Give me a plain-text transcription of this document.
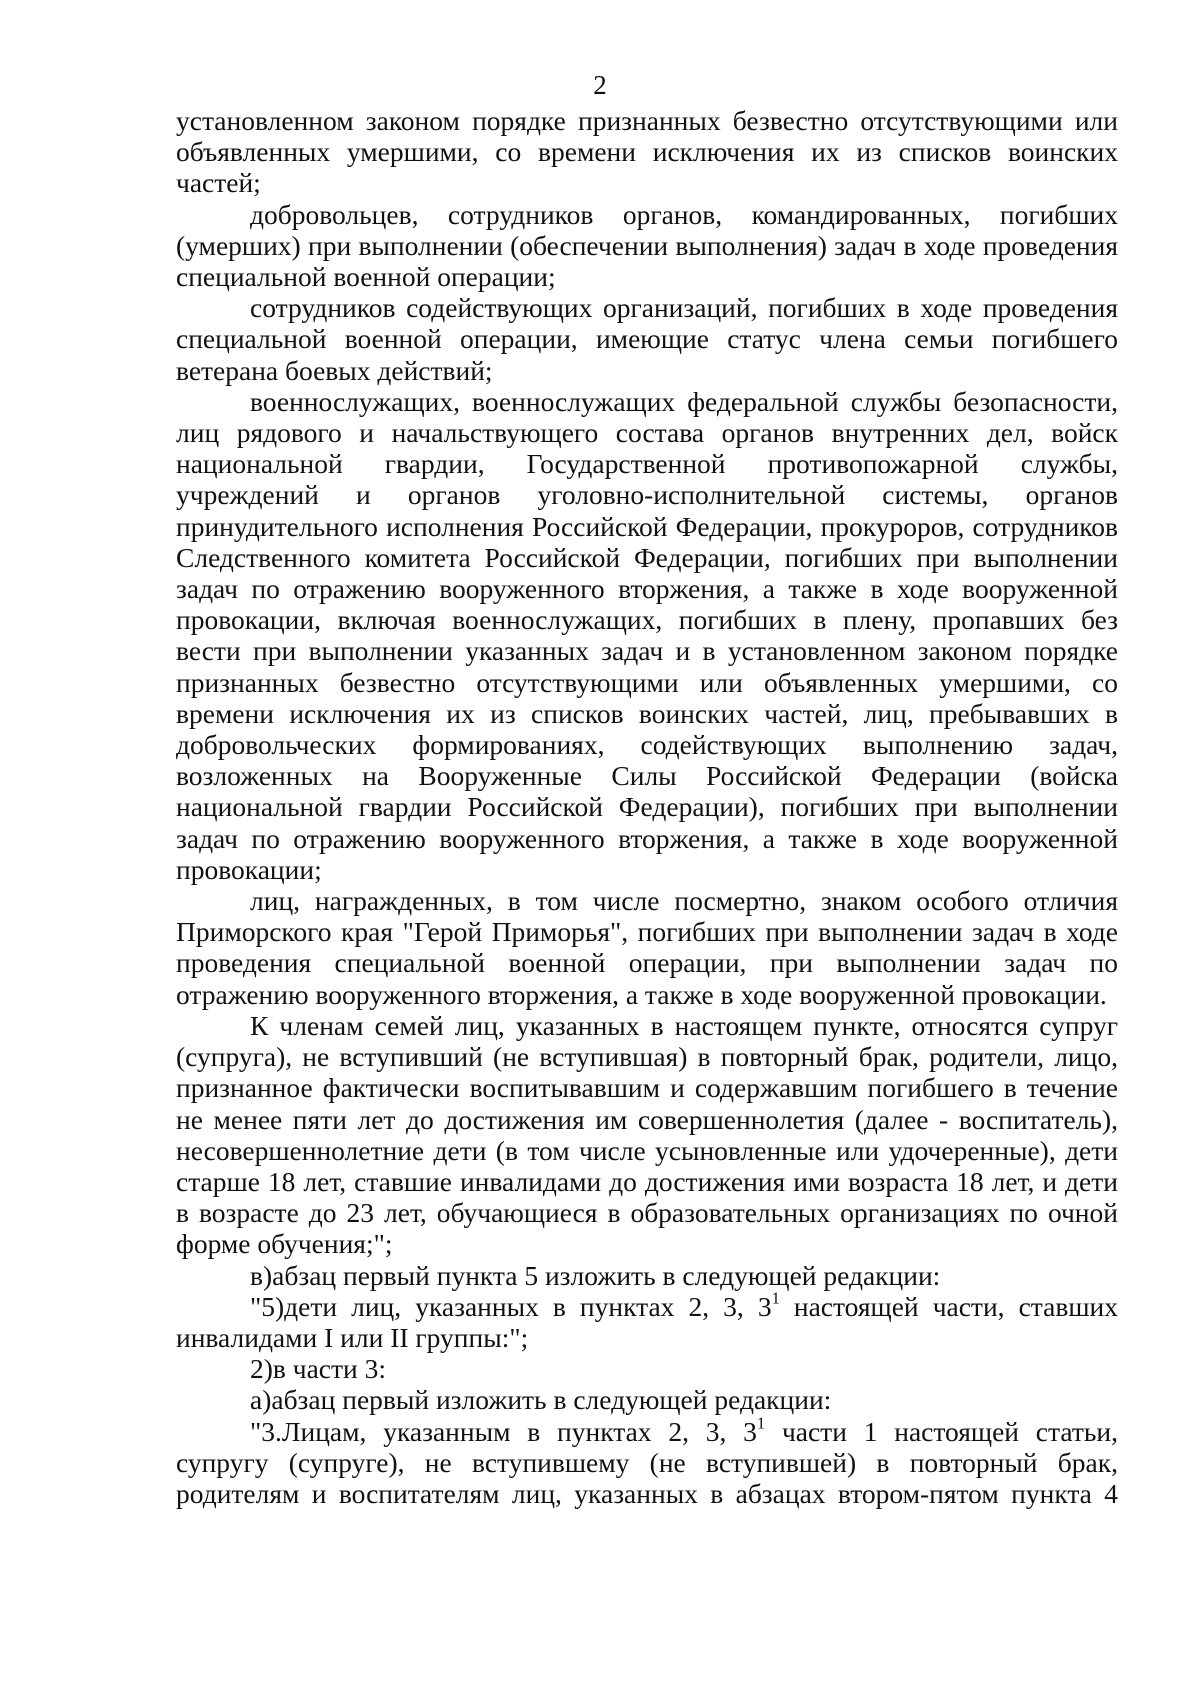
2

установленном законом порядке признанных безвестно отсутствующими или объявленных умершими, со времени исключения их из списков воинских частей;

добровольцев, сотрудников органов, командированных, погибших (умерших) при выполнении (обеспечении выполнения) задач в ходе проведения специальной военной операции;

сотрудников содействующих организаций, погибших в ходе проведения специальной военной операции, имеющие статус члена семьи погибшего ветерана боевых действий;

военнослужащих, военнослужащих федеральной службы безопасности, лиц рядового и начальствующего состава органов внутренних дел, войск национальной гвардии, Государственной противопожарной службы, учреждений и органов уголовно-исполнительной системы, органов принудительного исполнения Российской Федерации, прокуроров, сотрудников Следственного комитета Российской Федерации, погибших при выполнении задач по отражению вооруженного вторжения, а также в ходе вооруженной провокации, включая военнослужащих, погибших в плену, пропавших без вести при выполнении указанных задач и в установленном законом порядке признанных безвестно отсутствующими или объявленных умершими, со времени исключения их из списков воинских частей, лиц, пребывавших в добровольческих формированиях, содействующих выполнению задач, возложенных на Вооруженные Силы Российской Федерации (войска национальной гвардии Российской Федерации), погибших при выполнении задач по отражению вооруженного вторжения, а также в ходе вооруженной провокации;

лиц, награжденных, в том числе посмертно, знаком особого отличия Приморского края "Герой Приморья", погибших при выполнении задач в ходе проведения специальной военной операции, при выполнении задач по отражению вооруженного вторжения, а также в ходе вооруженной провокации.

К членам семей лиц, указанных в настоящем пункте, относятся супруг (супруга), не вступивший (не вступившая) в повторный брак, родители, лицо, признанное фактически воспитывавшим и содержавшим погибшего в течение не менее пяти лет до достижения им совершеннолетия (далее - воспитатель), несовершеннолетние дети (в том числе усыновленные или удочеренные), дети старше 18 лет, ставшие инвалидами до достижения ими возраста 18 лет, и дети в возрасте до 23 лет, обучающиеся в образовательных организациях по очной форме обучения;";

в)абзац первый пункта 5 изложить в следующей редакции:

"5)дети лиц, указанных в пунктах 2, 3, $3^1$ настоящей части, ставших инвалидами I или II группы:";

2)в части 3:

а)абзац первый изложить в следующей редакции:

"3.Лицам, указанным в пунктах 2, 3, $3^1$ части 1 настоящей статьи, супругу (супруге), не вступившему (не вступившей) в повторный брак, родителям и воспитателям лиц, указанных в абзацах втором-пятом пункта 4
